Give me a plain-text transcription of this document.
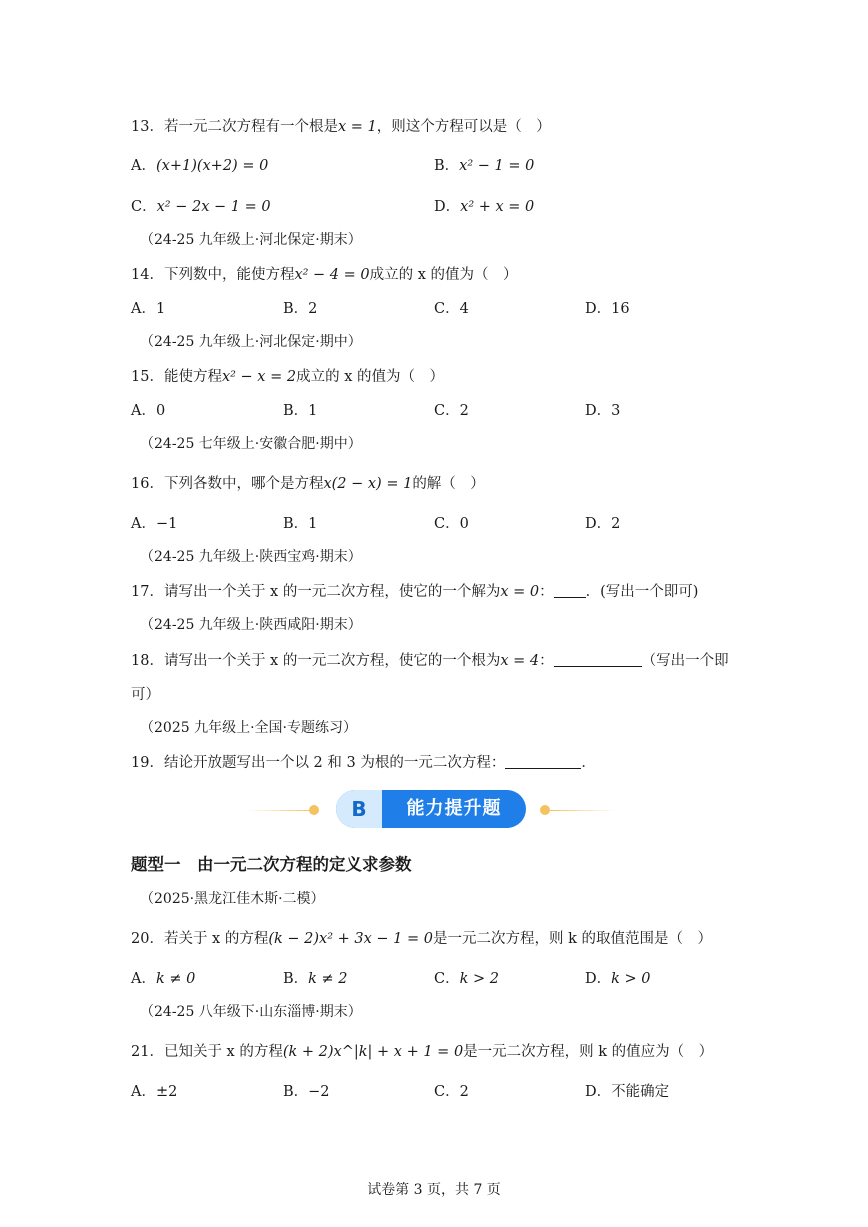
13．若一元二次方程有一个根是x = 1，则这个方程可以是（　）
A．(x+1)(x+2) = 0	B．x² − 1 = 0
C．x² − 2x − 1 = 0	D．x² + x = 0
（24-25 九年级上·河北保定·期末）
14．下列数中，能使方程x² − 4 = 0成立的 x 的值为（　）
A．1	B．2	C．4	D．16
（24-25 九年级上·河北保定·期中）
15．能使方程x² − x = 2成立的 x 的值为（　）
A．0	B．1	C．2	D．3
（24-25 七年级上·安徽合肥·期中）
16．下列各数中，哪个是方程x(2 − x) = 1的解（　）
A．−1	B．1	C．0	D．2
（24-25 九年级上·陕西宝鸡·期末）
17．请写出一个关于 x 的一元二次方程，使它的一个解为x = 0： ．(写出一个即可)
（24-25 九年级上·陕西咸阳·期末）
18．请写出一个关于 x 的一元二次方程，使它的一个根为x = 4：	（写出一个即
可）
（2025 九年级上·全国·专题练习）
19．结论开放题写出一个以 2 和 3 为根的一元二次方程：	．
B	能力提升题
题型一　由一元二次方程的定义求参数
（2025·黑龙江佳木斯·二模）
20．若关于 x 的方程(k − 2)x² + 3x − 1 = 0是一元二次方程，则 k 的取值范围是（　）
A．k ≠ 0	B．k ≠ 2	C．k > 2	D．k > 0
（24-25 八年级下·山东淄博·期末）
21．已知关于 x 的方程(k + 2)x^|k| + x + 1 = 0是一元二次方程，则 k 的值应为（　）
A．±2	B．−2	C．2	D．不能确定
试卷第 3 页，共 7 页
